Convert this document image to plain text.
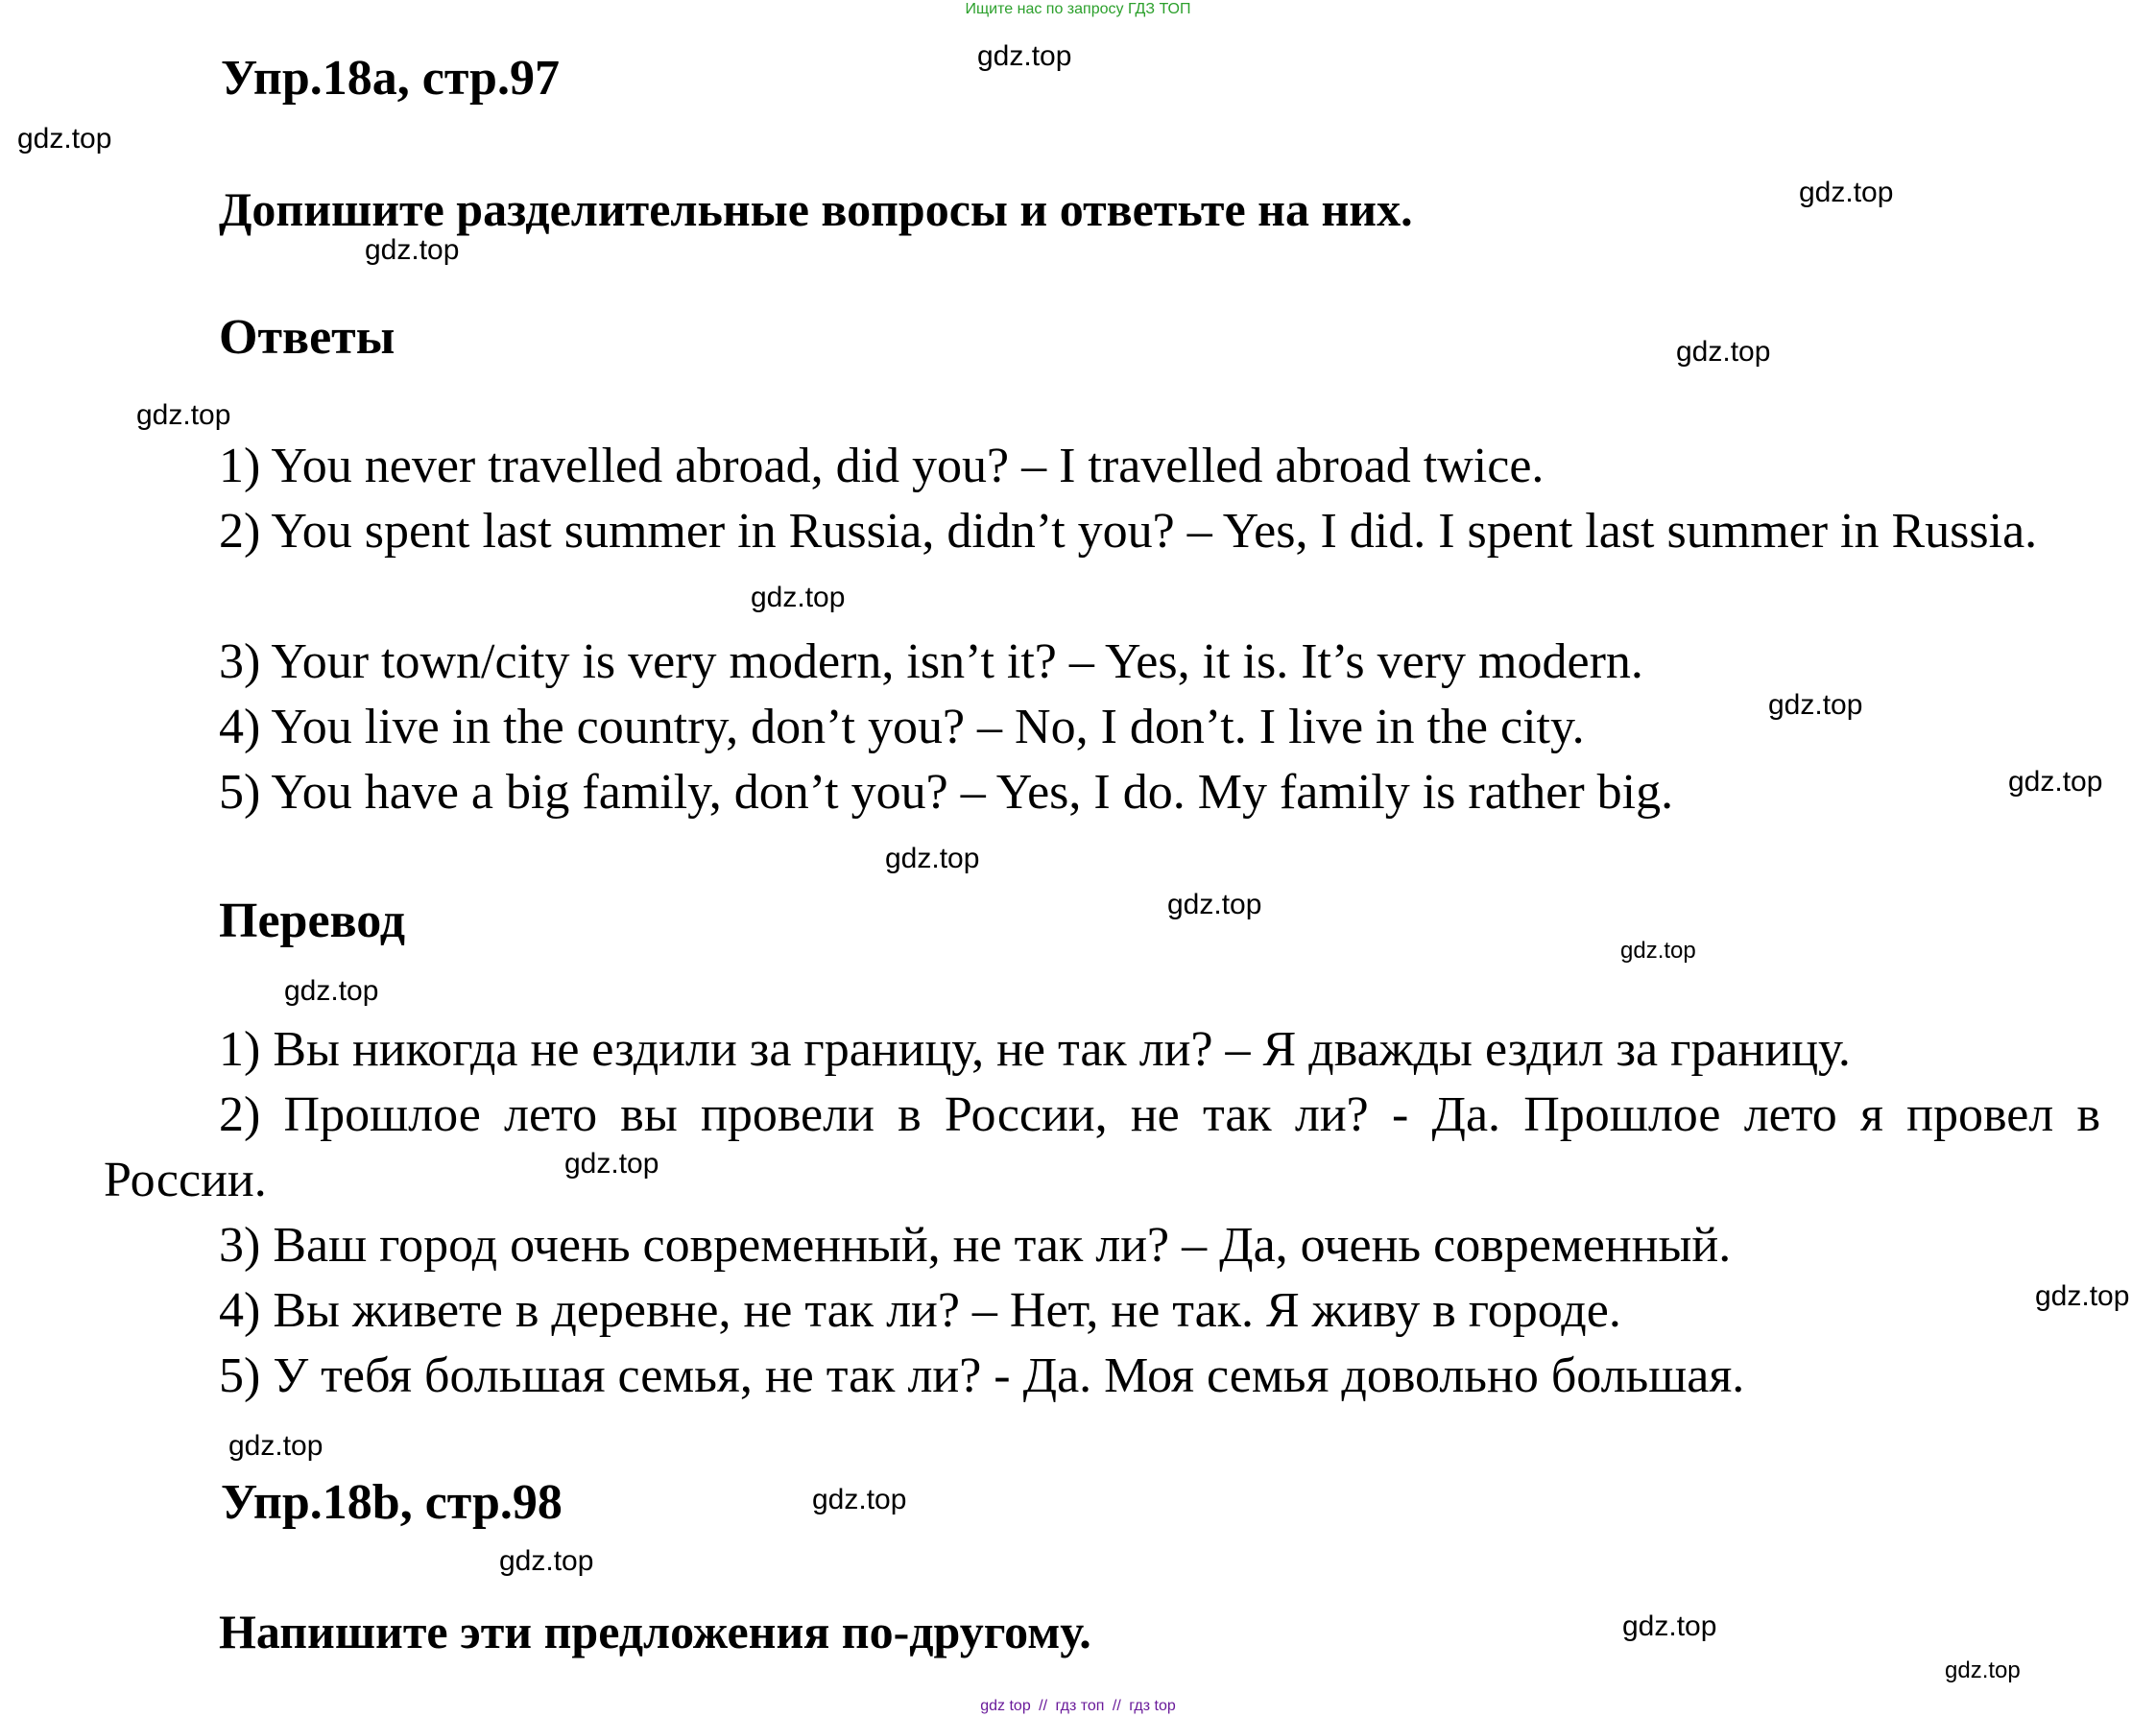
Ищите нас по запросу ГДЗ ТОП
Упр.18a, стр.97
Допишите разделительные вопросы и ответьте на них.
Ответы
1) You never travelled abroad, did you? – I travelled abroad twice.
2) You spent last summer in Russia, didn’t you? – Yes, I did. I spent last summer in Russia.
3) Your town/city is very modern, isn’t it? – Yes, it is. It’s very modern.
4) You live in the country, don’t you? – No, I don’t. I live in the city.
5) You have a big family, don’t you? – Yes, I do. My family is rather big.
Перевод
1) Вы никогда не ездили за границу, не так ли? – Я дважды ездил за границу.
2) Прошлое лето вы провели в России, не так ли? - Да. Прошлое лето я провел в России.
3) Ваш город очень современный, не так ли? – Да, очень современный.
4) Вы живете в деревне, не так ли? – Нет, не так. Я живу в городе.
5) У тебя большая семья, не так ли? - Да. Моя семья довольно большая.
Упр.18b, стр.98
Напишите эти предложения по-другому.
gdz.top
gdz.top
gdz.top
gdz.top
gdz.top
gdz.top
gdz.top
gdz.top
gdz.top
gdz.top
gdz.top
gdz.top
gdz.top
gdz.top
gdz.top
gdz.top
gdz.top
gdz.top
gdz.top
gdz.top
gdz top // гдз топ // гдз top
